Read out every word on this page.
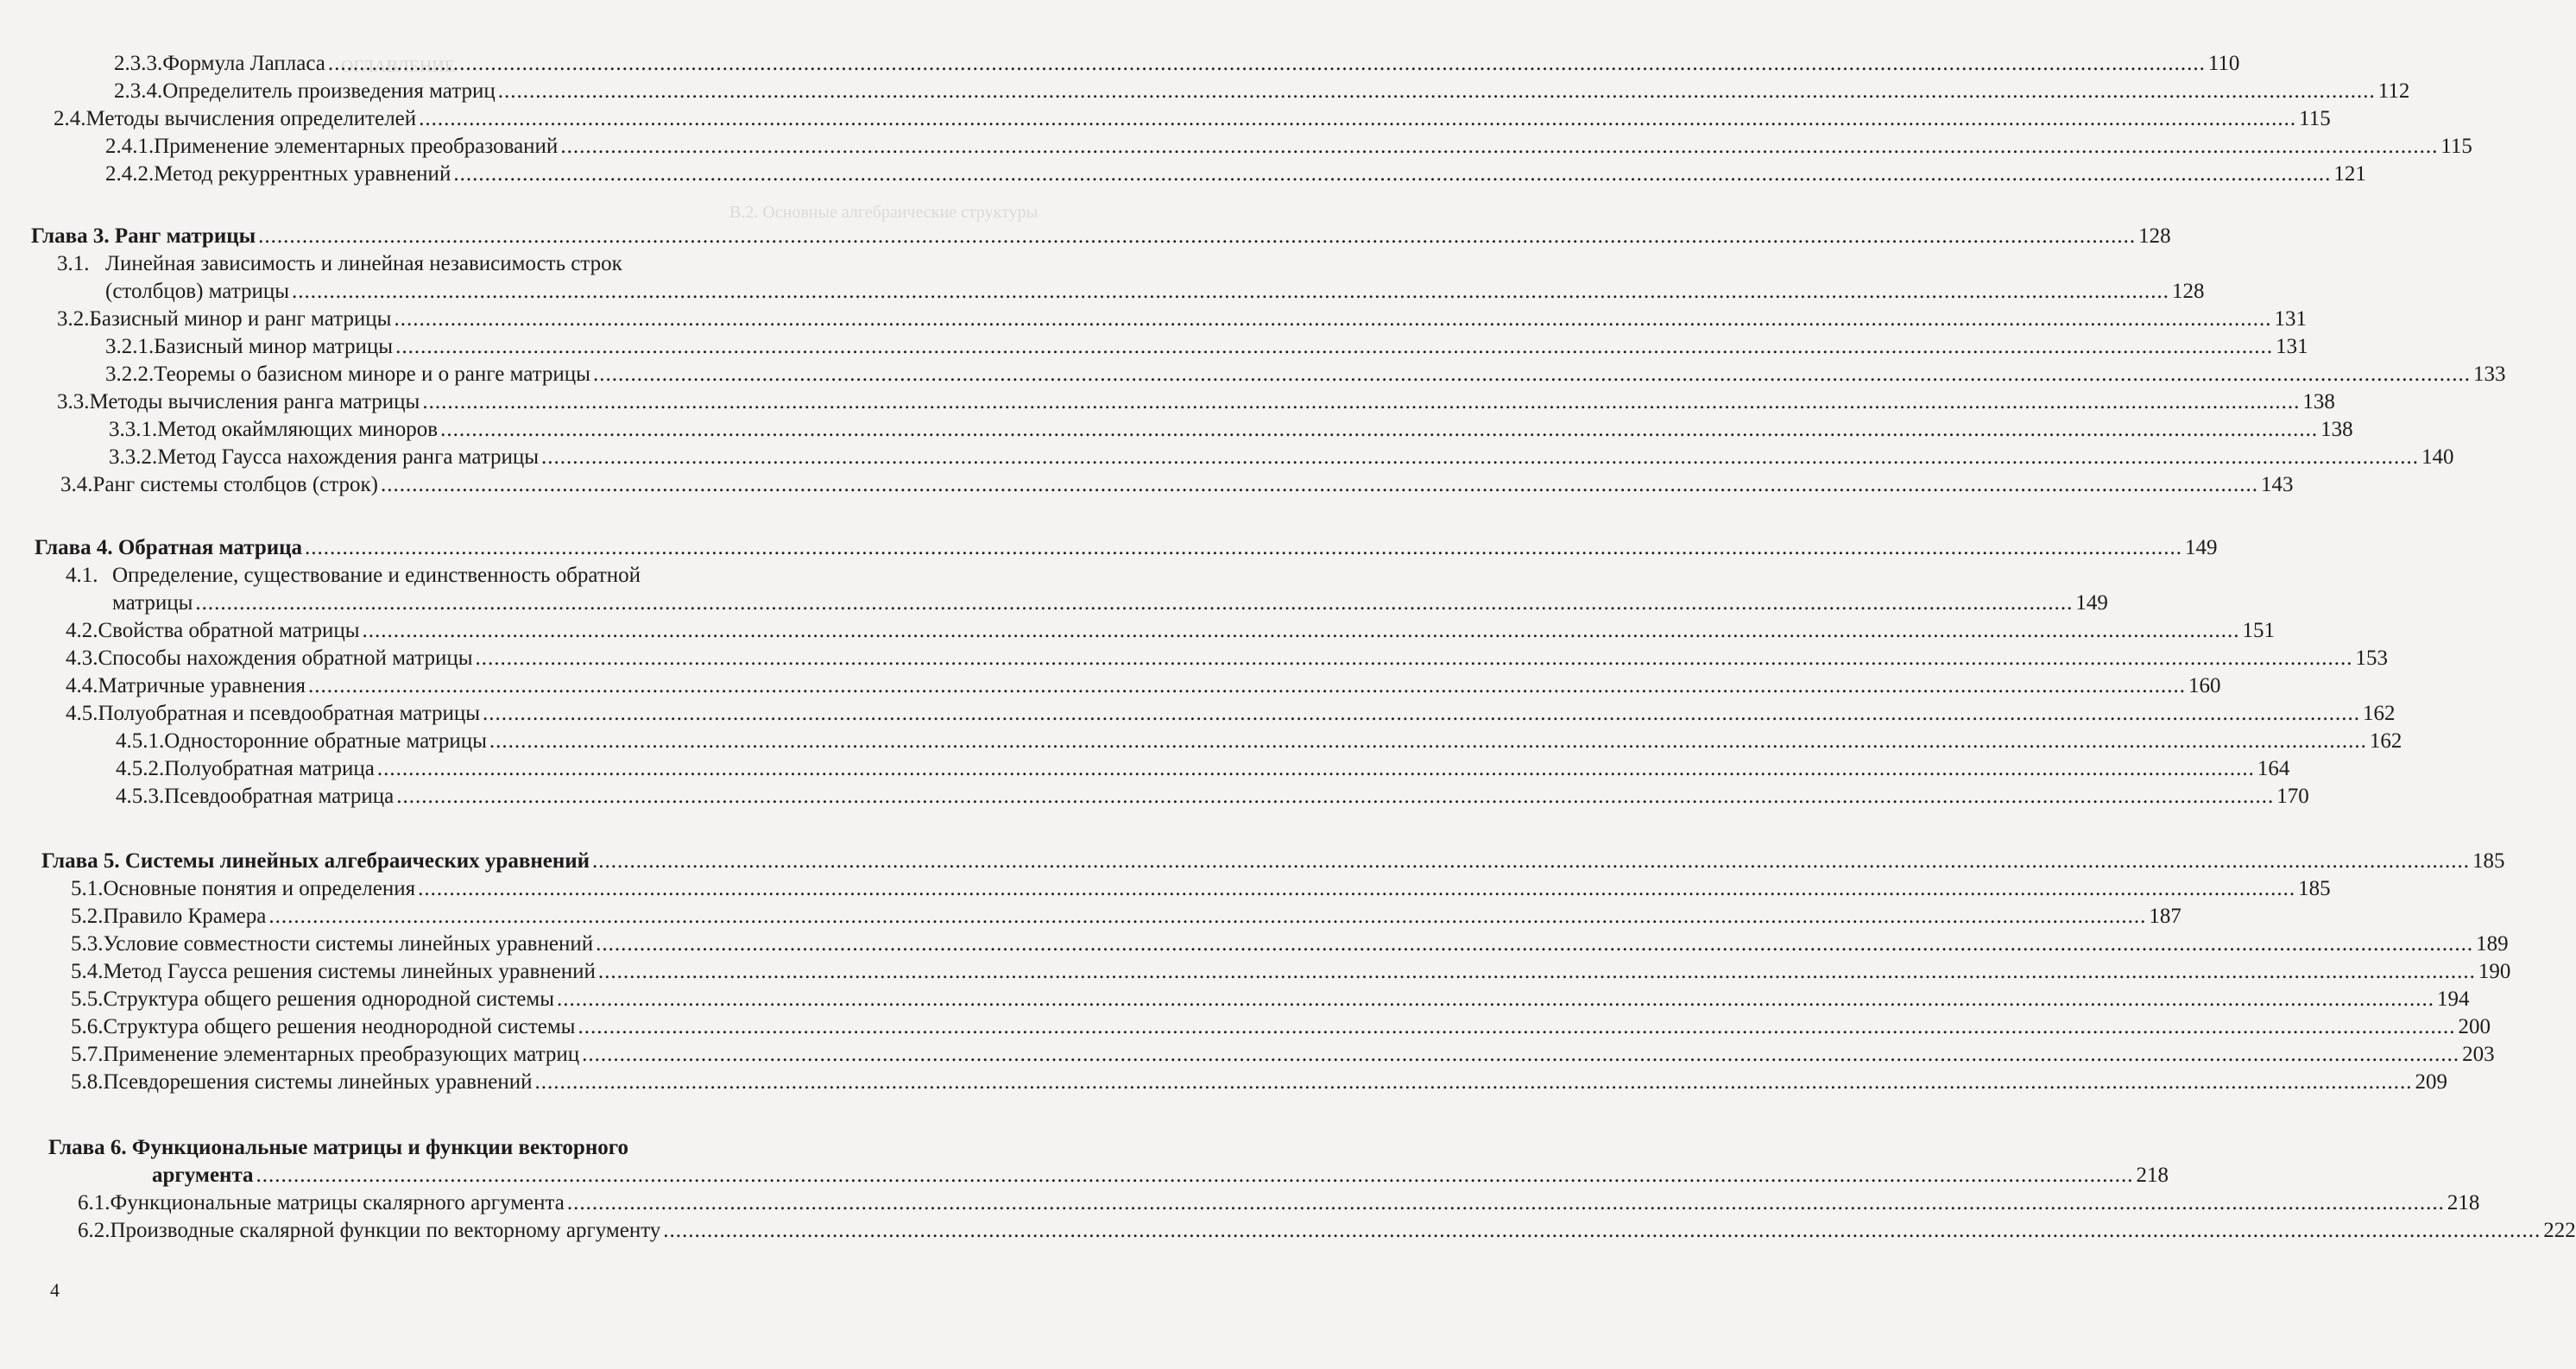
ОГЛАВЛЕНИЕ
В.2. Основные алгебраические структуры
2.3.3. Формула Лапласа .....	110
2.3.4. Определитель произведения матриц .....	112
2.4. Методы вычисления определителей .....	115
2.4.1. Применение элементарных преобразований .....	115
2.4.2. Метод рекуррентных уравнений .....	121
Глава 3. Ранг матрицы .....	128
3.1. Линейная зависимость и линейная независимость строк
(столбцов) матрицы .....	128
3.2. Базисный минор и ранг матрицы .....	131
3.2.1. Базисный минор матрицы .....	131
3.2.2. Теоремы о базисном миноре и о ранге матрицы .....	133
3.3. Методы вычисления ранга матрицы .....	138
3.3.1. Метод окаймляющих миноров .....	138
3.3.2. Метод Гаусса нахождения ранга матрицы .....	140
3.4. Ранг системы столбцов (строк) .....	143
Глава 4. Обратная матрица .....	149
4.1. Определение, существование и единственность обратной
матрицы .....	149
4.2. Свойства обратной матрицы .....	151
4.3. Способы нахождения обратной матрицы .....	153
4.4. Матричные уравнения .....	160
4.5. Полуобратная и псевдообратная матрицы .....	162
4.5.1. Односторонние обратные матрицы .....	162
4.5.2. Полуобратная матрица .....	164
4.5.3. Псевдообратная матрица .....	170
Глава 5. Системы линейных алгебраических уравнений .....	185
5.1. Основные понятия и определения .....	185
5.2. Правило Крамера .....	187
5.3. Условие совместности системы линейных уравнений .....	189
5.4. Метод Гаусса решения системы линейных уравнений .....	190
5.5. Структура общего решения однородной системы .....	194
5.6. Структура общего решения неоднородной системы .....	200
5.7. Применение элементарных преобразующих матриц .....	203
5.8. Псевдорешения системы линейных уравнений .....	209
Глава 6. Функциональные матрицы и функции векторного
аргумента .....	218
6.1. Функциональные матрицы скалярного аргумента .....	218
6.2. Производные скалярной функции по векторному аргументу .....	222
4
